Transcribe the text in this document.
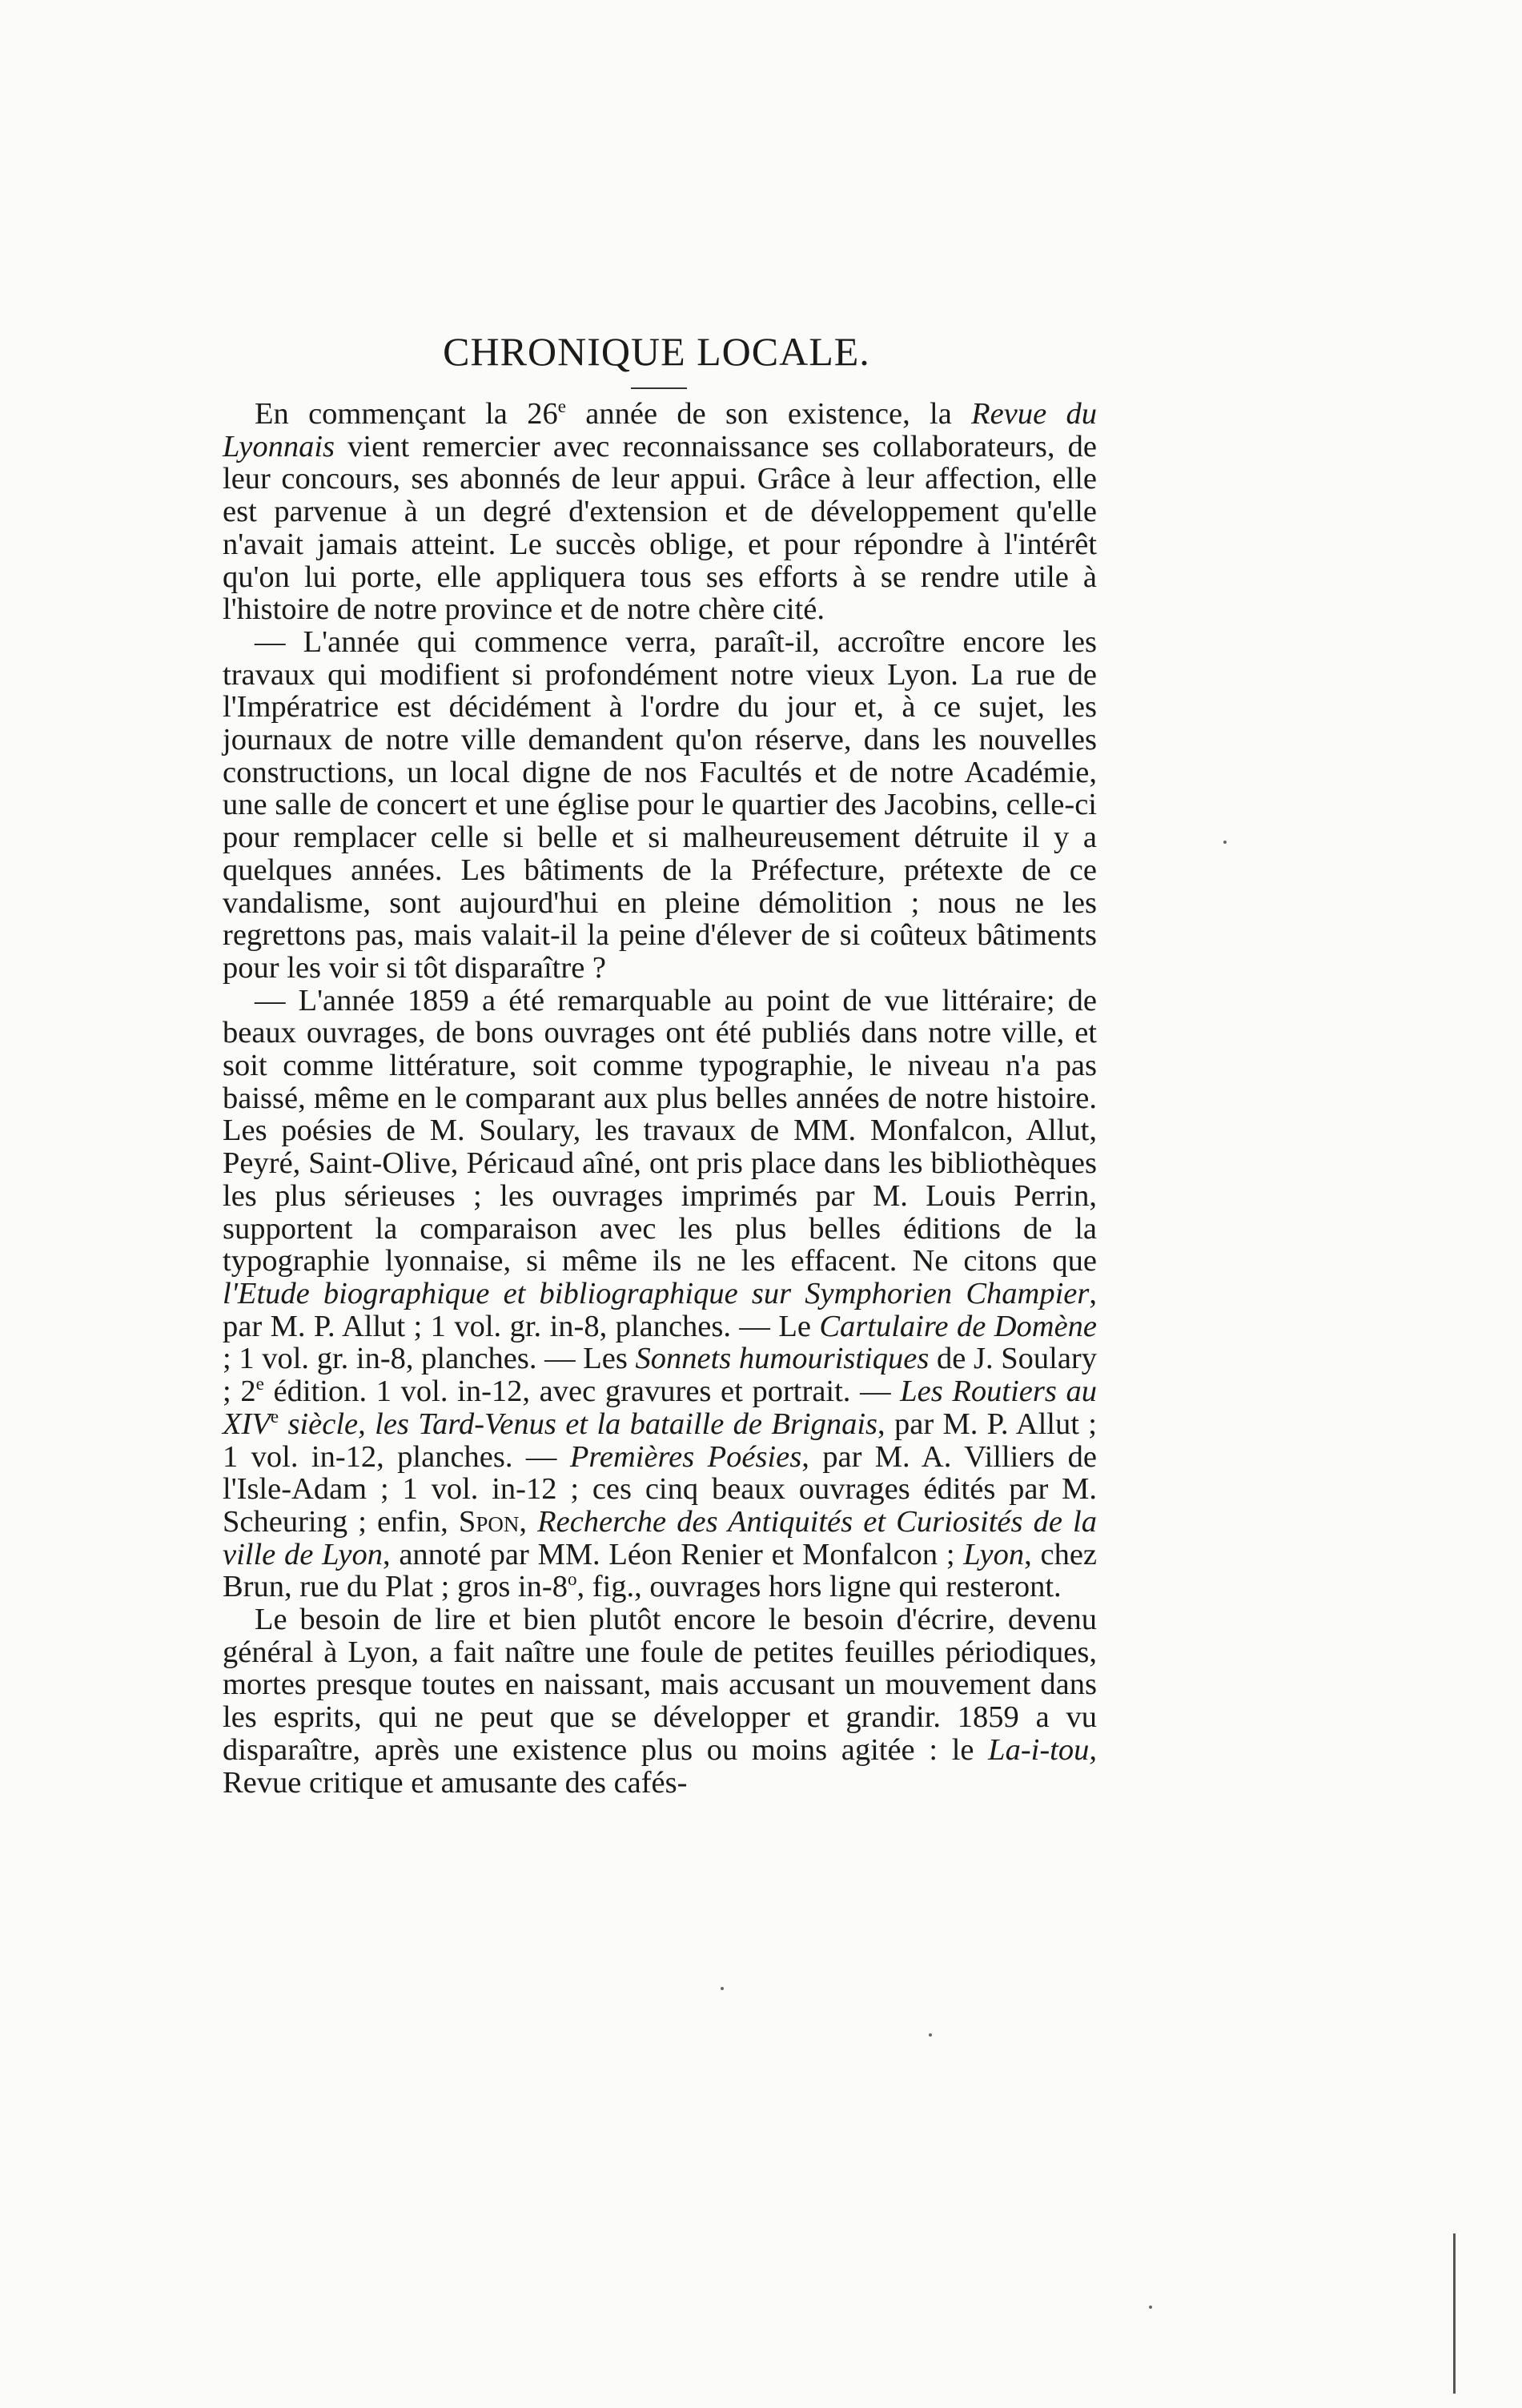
CHRONIQUE LOCALE.

En commençant la 26e année de son existence, la Revue du Lyonnais vient remercier avec reconnaissance ses collaborateurs, de leur concours, ses abonnés de leur appui. Grâce à leur affection, elle est parvenue à un degré d'extension et de développement qu'elle n'avait jamais atteint. Le succès oblige, et pour répondre à l'intérêt qu'on lui porte, elle appliquera tous ses efforts à se rendre utile à l'histoire de notre province et de notre chère cité.

— L'année qui commence verra, paraît-il, accroître encore les travaux qui modifient si profondément notre vieux Lyon. La rue de l'Impératrice est décidément à l'ordre du jour et, à ce sujet, les journaux de notre ville demandent qu'on réserve, dans les nouvelles constructions, un local digne de nos Facultés et de notre Académie, une salle de concert et une église pour le quartier des Jacobins, celle-ci pour remplacer celle si belle et si malheureusement détruite il y a quelques années. Les bâtiments de la Préfecture, prétexte de ce vandalisme, sont aujourd'hui en pleine démolition ; nous ne les regrettons pas, mais valait-il la peine d'élever de si coûteux bâtiments pour les voir si tôt disparaître ?

— L'année 1859 a été remarquable au point de vue littéraire; de beaux ouvrages, de bons ouvrages ont été publiés dans notre ville, et soit comme littérature, soit comme typographie, le niveau n'a pas baissé, même en le comparant aux plus belles années de notre histoire. Les poésies de M. Soulary, les travaux de MM. Monfalcon, Allut, Peyré, Saint-Olive, Péricaud aîné, ont pris place dans les bibliothèques les plus sérieuses ; les ouvrages imprimés par M. Louis Perrin, supportent la comparaison avec les plus belles éditions de la typographie lyonnaise, si même ils ne les effacent. Ne citons que l'Etude biographique et bibliographique sur Symphorien Champier, par M. P. Allut ; 1 vol. gr. in-8, planches. — Le Cartulaire de Domène ; 1 vol. gr. in-8, planches. — Les Sonnets humouristiques de J. Soulary ; 2e édition. 1 vol. in-12, avec gravures et portrait. — Les Routiers au XIVe siècle, les Tard-Venus et la bataille de Brignais, par M. P. Allut ; 1 vol. in-12, planches. — Premières Poésies, par M. A. Villiers de l'Isle-Adam ; 1 vol. in-12 ; ces cinq beaux ouvrages édités par M. Scheuring ; enfin, Spon, Recherche des Antiquités et Curiosités de la ville de Lyon, annoté par MM. Léon Renier et Monfalcon ; Lyon, chez Brun, rue du Plat ; gros in-8$^o$, fig., ouvrages hors ligne qui resteront.

Le besoin de lire et bien plutôt encore le besoin d'écrire, devenu général à Lyon, a fait naître une foule de petites feuilles périodiques, mortes presque toutes en naissant, mais accusant un mouvement dans les esprits, qui ne peut que se développer et grandir. 1859 a vu disparaître, après une existence plus ou moins agitée : le La-i-tou, Revue critique et amusante des cafés-
